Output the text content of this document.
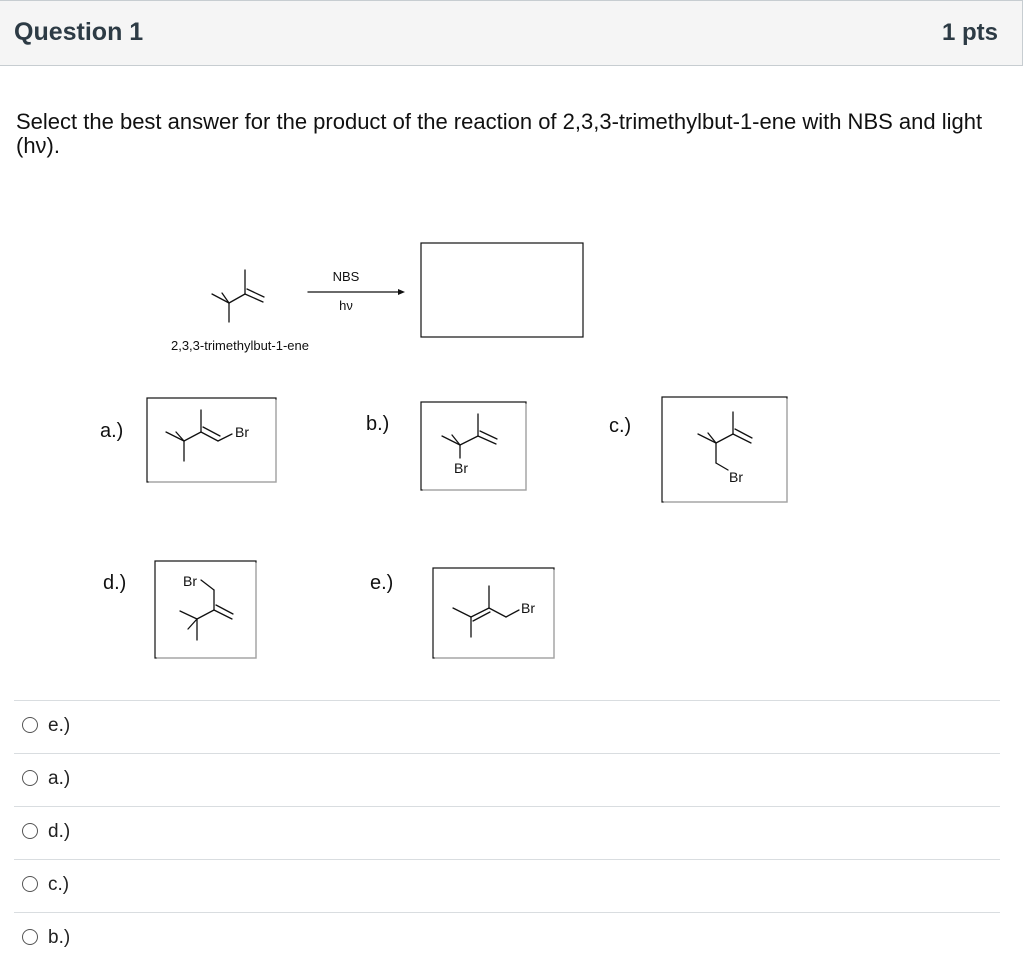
Question 1	1 pts
Select the best answer for the product of the reaction of 2,3,3-trimethylbut-1-ene with NBS and light (hν).
2,3,3-trimethylbut-1-ene
NBS
hν
a.)	Br	b.)
Br
c.)
Br
d.)	Br	e.)
Br
e.)
a.)
d.)
c.)
b.)
